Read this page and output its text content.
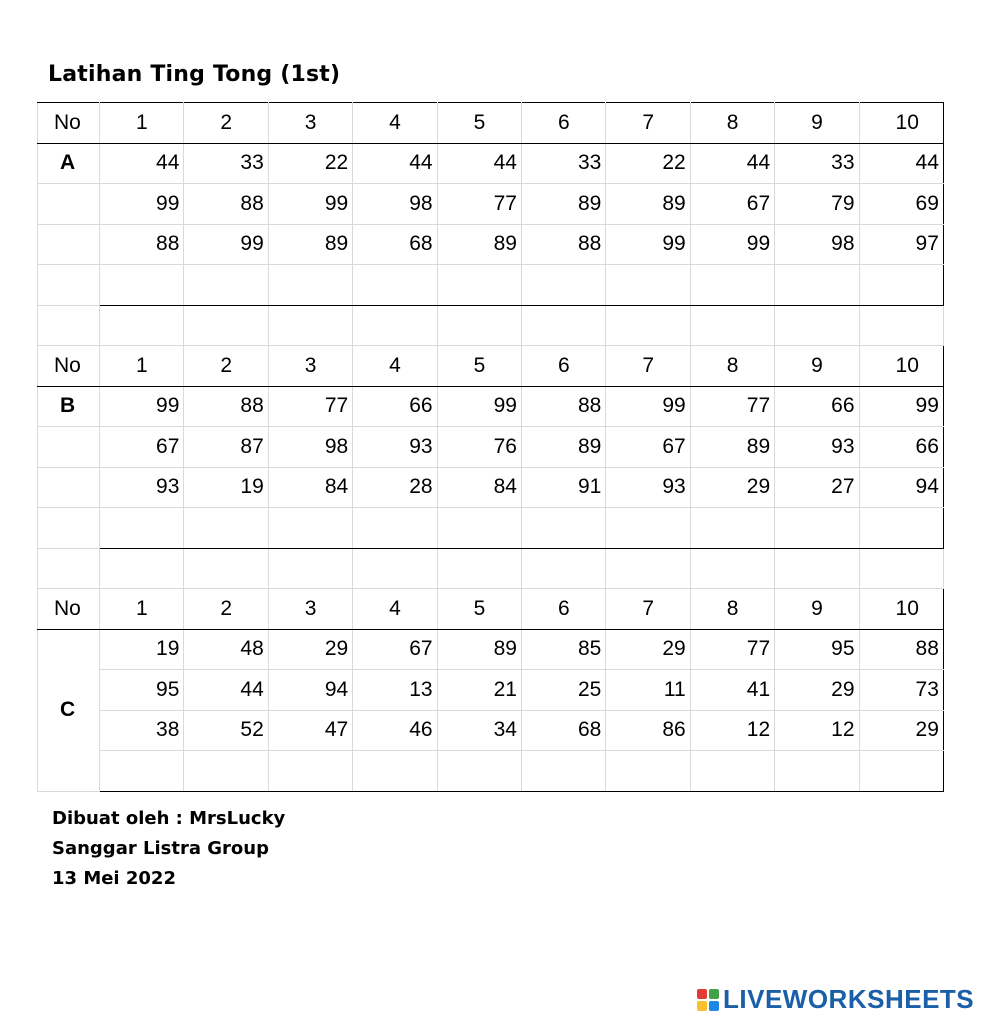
Latihan Ting Tong (1st)
No	1	2	3	4	5	6	7	8	9	10
A	44	33	22	44	44	33	22	44	33	44
	99	88	99	98	77	89	89	67	79	69
	88	99	89	68	89	88	99	99	98	97

No	1	2	3	4	5	6	7	8	9	10
B	99	88	77	66	99	88	99	77	66	99
	67	87	98	93	76	89	67	89	93	66
	93	19	84	28	84	91	93	29	27	94

No	1	2	3	4	5	6	7	8	9	10
C	19	48	29	67	89	85	29	77	95	88
	95	44	94	13	21	25	11	41	29	73
	38	52	47	46	34	68	86	12	12	29

Dibuat oleh : MrsLucky
Sanggar Listra Group
13 Mei 2022
LIVEWORKSHEETS
